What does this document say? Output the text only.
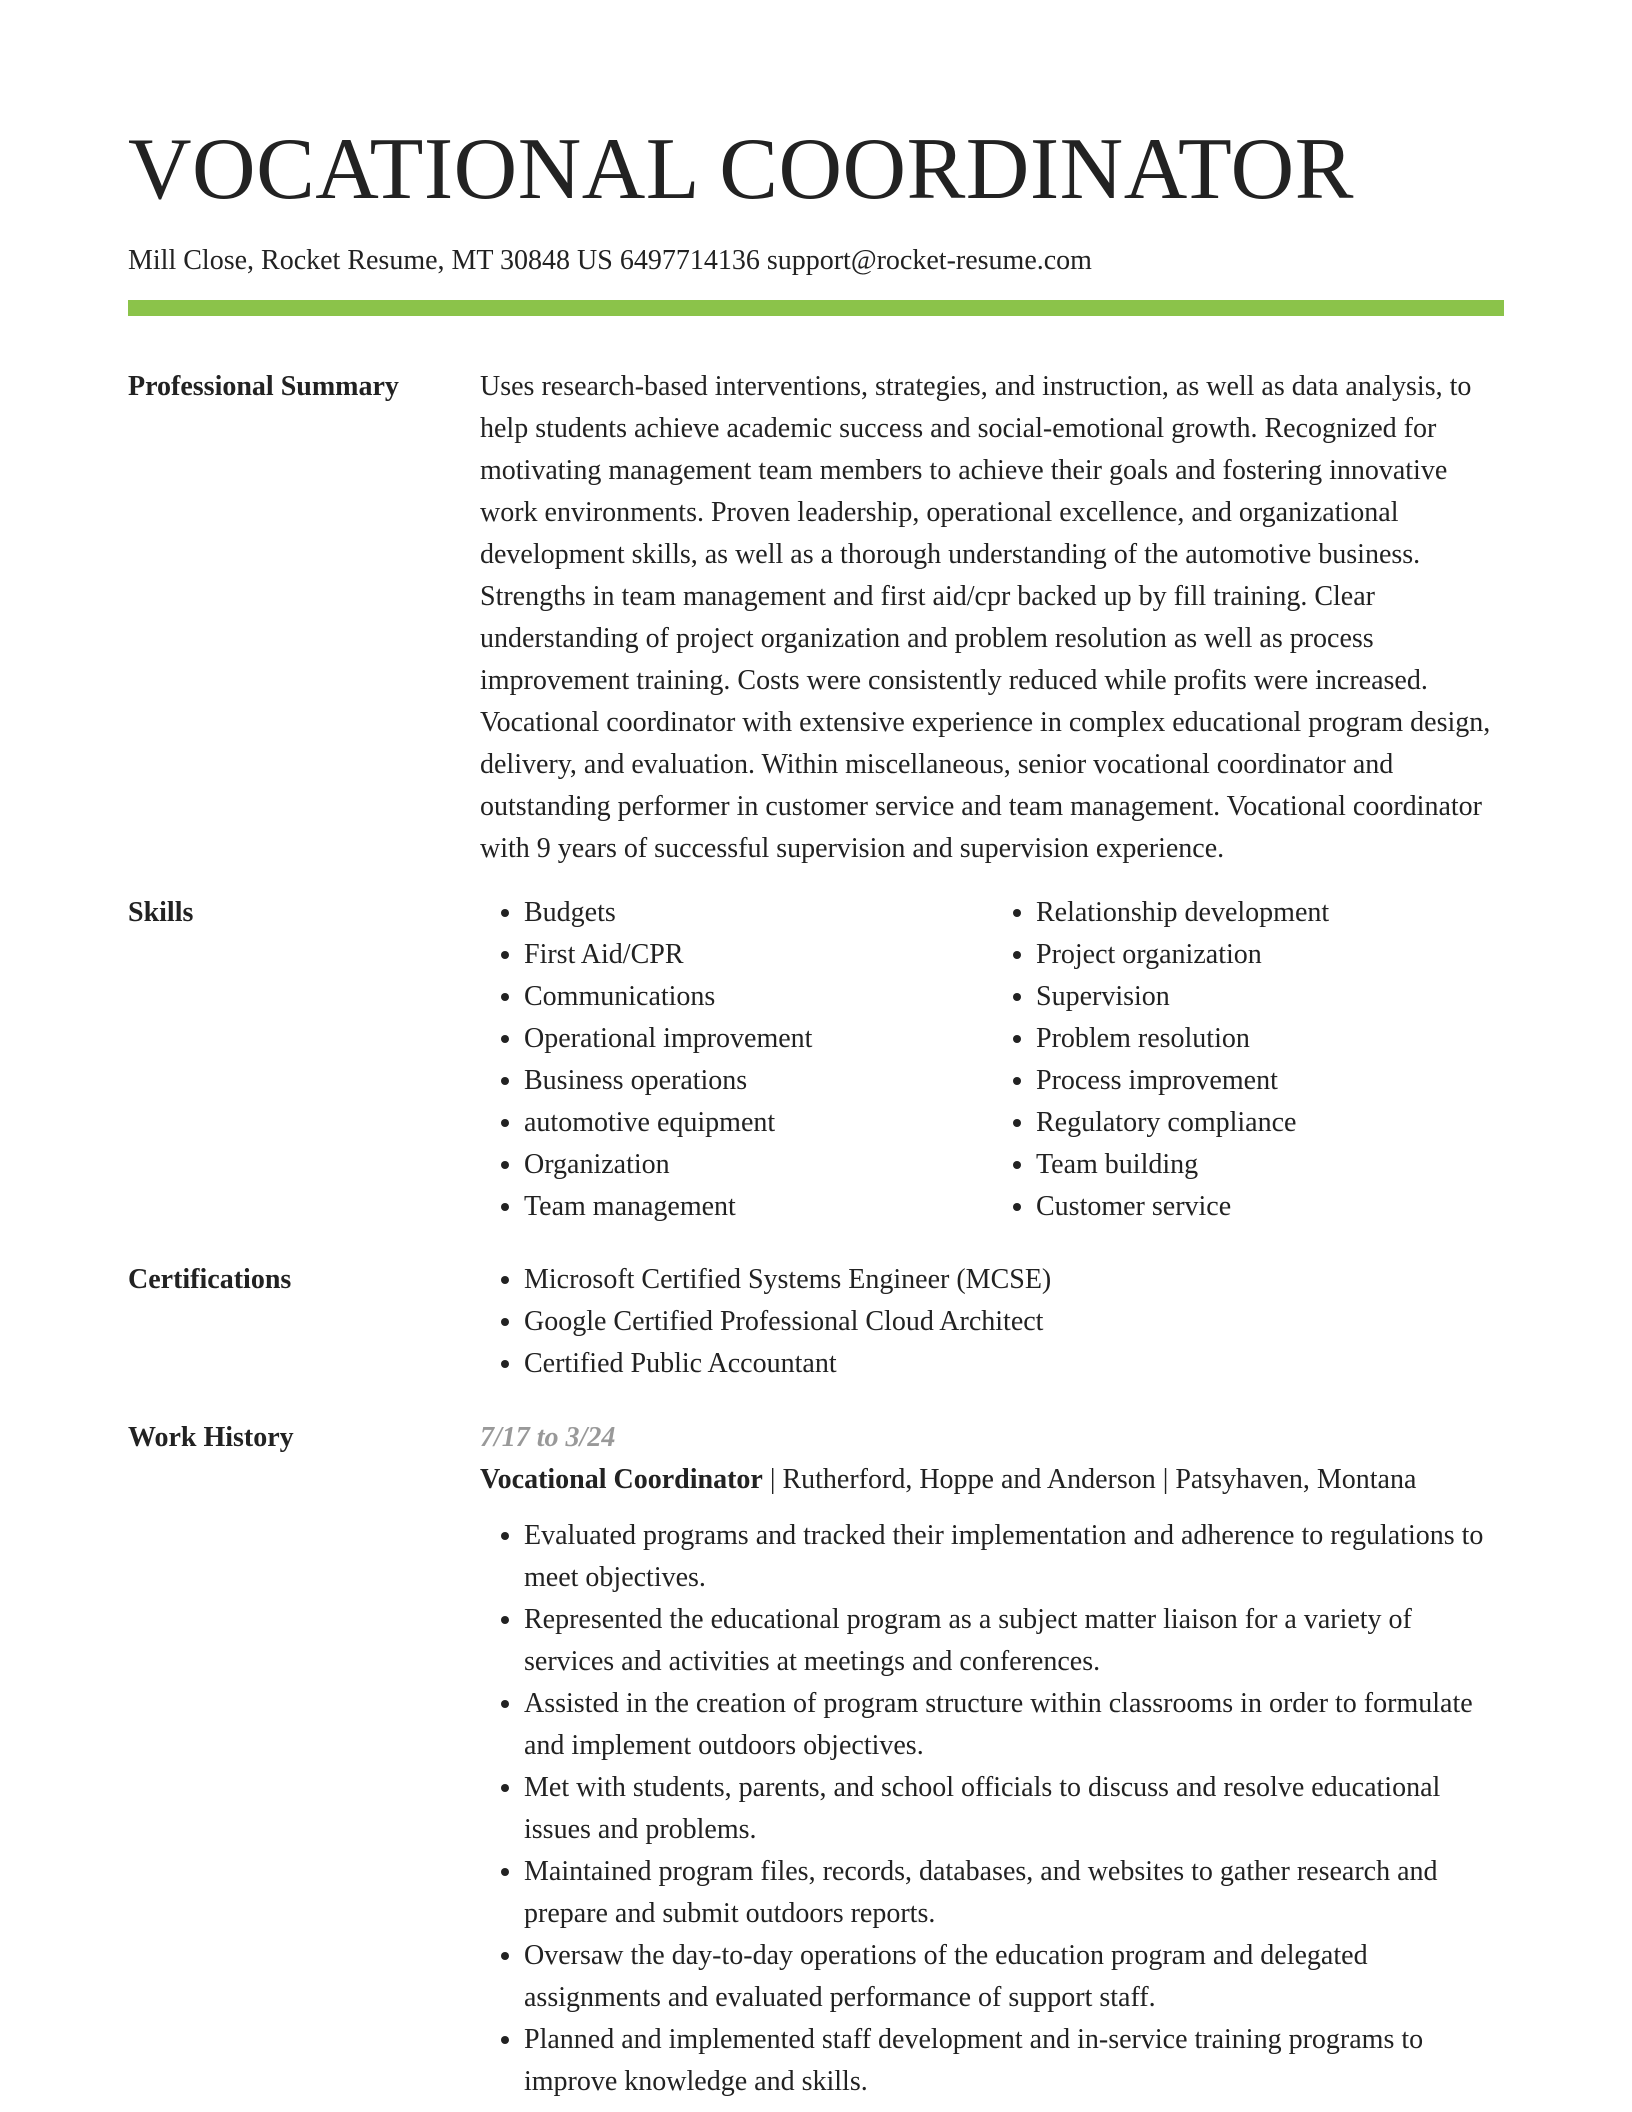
VOCATIONAL COORDINATOR
Mill Close, Rocket Resume, MT 30848 US 6497714136 support@rocket-resume.com
Professional Summary	Uses research-based interventions, strategies, and instruction, as well as data analysis, to help students achieve academic success and social-emotional growth. Recognized for motivating management team members to achieve their goals and fostering innovative work environments. Proven leadership, operational excellence, and organizational development skills, as well as a thorough understanding of the automotive business. Strengths in team management and first aid/cpr backed up by fill training. Clear understanding of project organization and problem resolution as well as process improvement training. Costs were consistently reduced while profits were increased. Vocational coordinator with extensive experience in complex educational program design, delivery, and evaluation. Within miscellaneous, senior vocational coordinator and outstanding performer in customer service and team management. Vocational coordinator with 9 years of successful supervision and supervision experience.

Skills	• Budgets
• First Aid/CPR
• Communications
• Operational improvement
• Business operations
• automotive equipment
• Organization
• Team management
• Relationship development
• Project organization
• Supervision
• Problem resolution
• Process improvement
• Regulatory compliance
• Team building
• Customer service
Certifications	• Microsoft Certified Systems Engineer (MCSE)
• Google Certified Professional Cloud Architect
• Certified Public Accountant
Work History	7/17 to 3/24
Vocational Coordinator | Rutherford, Hoppe and Anderson | Patsyhaven, Montana
• Evaluated programs and tracked their implementation and adherence to regulations to meet objectives.
• Represented the educational program as a subject matter liaison for a variety of services and activities at meetings and conferences.
• Assisted in the creation of program structure within classrooms in order to formulate and implement outdoors objectives.
• Met with students, parents, and school officials to discuss and resolve educational issues and problems.
• Maintained program files, records, databases, and websites to gather research and prepare and submit outdoors reports.
• Oversaw the day-to-day operations of the education program and delegated assignments and evaluated performance of support staff.
• Planned and implemented staff development and in-service training programs to improve knowledge and skills.
